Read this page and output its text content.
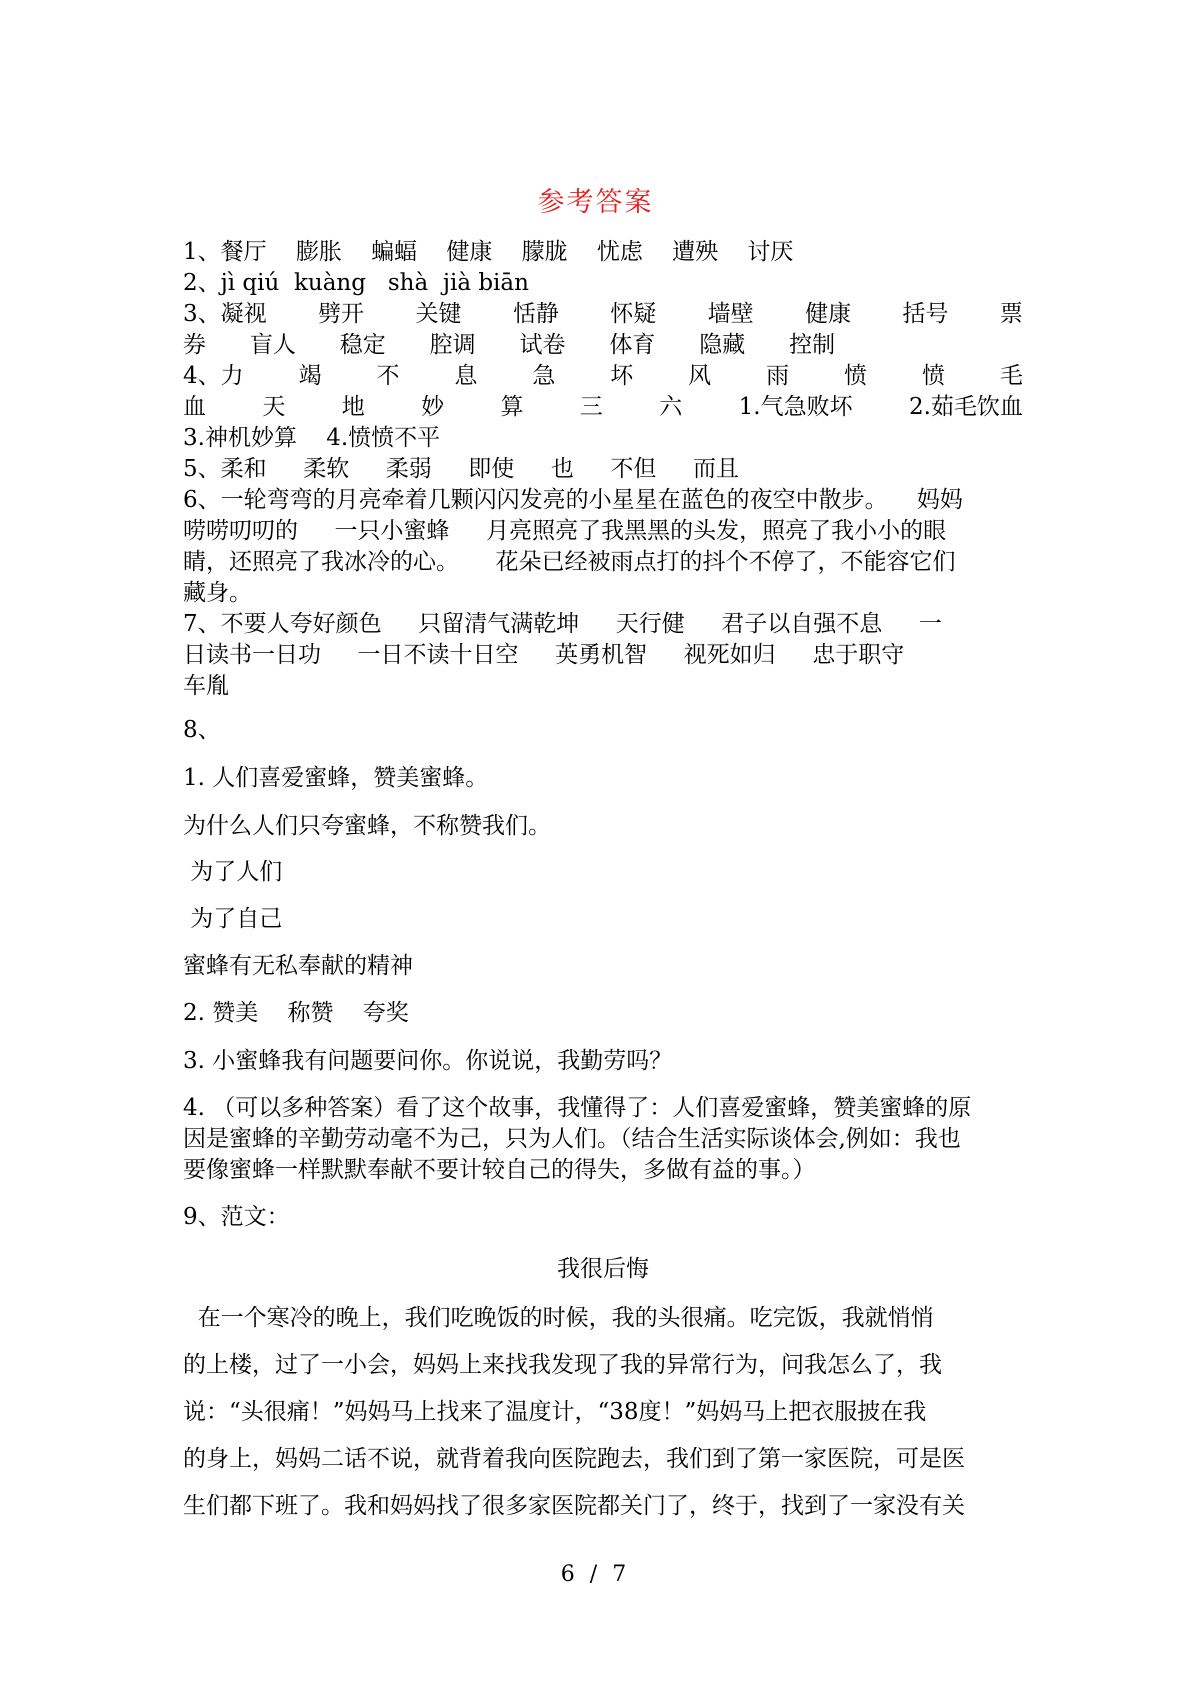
参考答案
1、餐厅    膨胀    蝙蝠    健康    朦胧    忧虑    遭殃    讨厌
2、jì qiú  kuàng   shà  jià biān
3、凝视 劈开 关键 恬静 怀疑 墙壁 健康 括号 票
券      盲人      稳定      腔调      试卷      体育      隐藏      控制
4、力 竭 不 息 急 坏 风 雨 愤 愤 毛
血 天 地 妙 算 三 六 1.气急败坏 2.茹毛饮血
3.神机妙算    4.愤愤不平
5、柔和     柔软     柔弱     即使     也     不但     而且
6、一轮弯弯的月亮牵着几颗闪闪发亮的小星星在蓝色的夜空中散步。    妈妈
唠唠叨叨的     一只小蜜蜂     月亮照亮了我黑黑的头发，照亮了我小小的眼
睛，还照亮了我冰冷的心。     花朵已经被雨点打的抖个不停了，不能容它们
藏身。
7、不要人夸好颜色     只留清气满乾坤     天行健     君子以自强不息     一
日读书一日功     一日不读十日空     英勇机智     视死如归     忠于职守
车胤
8、
1. 人们喜爱蜜蜂，赞美蜜蜂。
为什么人们只夸蜜蜂，不称赞我们。
为了人们
为了自己
蜜蜂有无私奉献的精神
2. 赞美    称赞    夸奖
3. 小蜜蜂我有问题要问你。你说说，我勤劳吗？
4. （可以多种答案）看了这个故事，我懂得了：人们喜爱蜜蜂，赞美蜜蜂的原
因是蜜蜂的辛勤劳动毫不为己，只为人们。（结合生活实际谈体会,例如：我也
要像蜜蜂一样默默奉献不要计较自己的得失，多做有益的事。）
9、范文：
我很后悔
在一个寒冷的晚上，我们吃晚饭的时候，我的头很痛。吃完饭，我就悄悄
的上楼，过了一小会，妈妈上来找我发现了我的异常行为，问我怎么了，我
说：“头很痛！”妈妈马上找来了温度计，“38度！”妈妈马上把衣服披在我
的身上，妈妈二话不说，就背着我向医院跑去，我们到了第一家医院，可是医
生们都下班了。我和妈妈找了很多家医院都关门了，终于，找到了一家没有关
6 / 7
